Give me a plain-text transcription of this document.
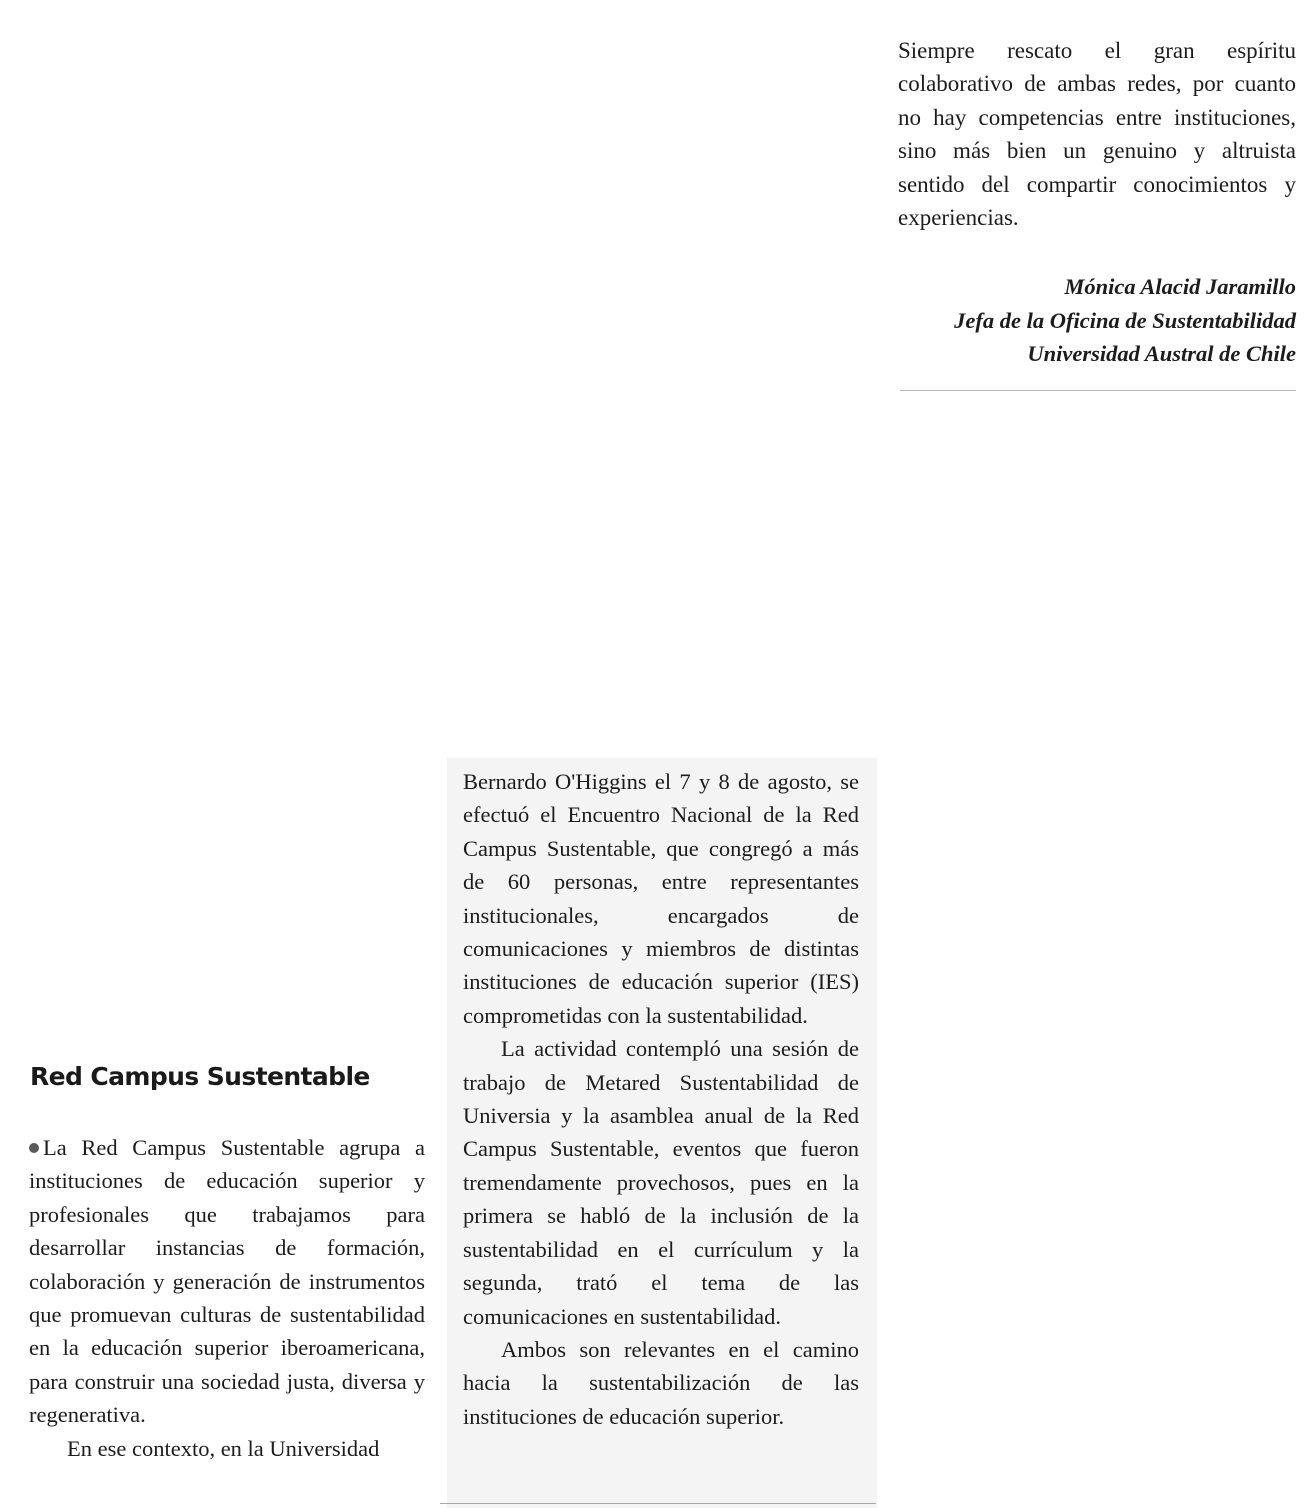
Siempre rescato el gran espíritu colaborativo de ambas redes, por cuanto no hay competencias entre instituciones, sino más bien un genuino y altruista sentido del compartir conocimientos y experiencias.

Mónica Alacid Jaramillo
Jefa de la Oficina de Sustentabilidad
Universidad Austral de Chile
Red Campus Sustentable

La Red Campus Sustentable agrupa a instituciones de educación superior y profesionales que trabajamos para desarrollar instancias de formación, colaboración y generación de instrumentos que promuevan culturas de sustentabilidad en la educación superior iberoamericana, para construir una sociedad justa, diversa y regenerativa.

En ese contexto, en la Universidad

Bernardo O'Higgins el 7 y 8 de agosto, se efectuó el Encuentro Nacional de la Red Campus Sustentable, que congregó a más de 60 personas, entre representantes institucionales, encargados de comunicaciones y miembros de distintas instituciones de educación superior (IES) comprometidas con la sustentabilidad.

La actividad contempló una sesión de trabajo de Metared Sustentabilidad de Universia y la asamblea anual de la Red Campus Sustentable, eventos que fueron tremendamente provechosos, pues en la primera se habló de la inclusión de la sustentabilidad en el currículum y la segunda, trató el tema de las comunicaciones en sustentabilidad.

Ambos son relevantes en el camino hacia la sustentabilización de las instituciones de educación superior.
